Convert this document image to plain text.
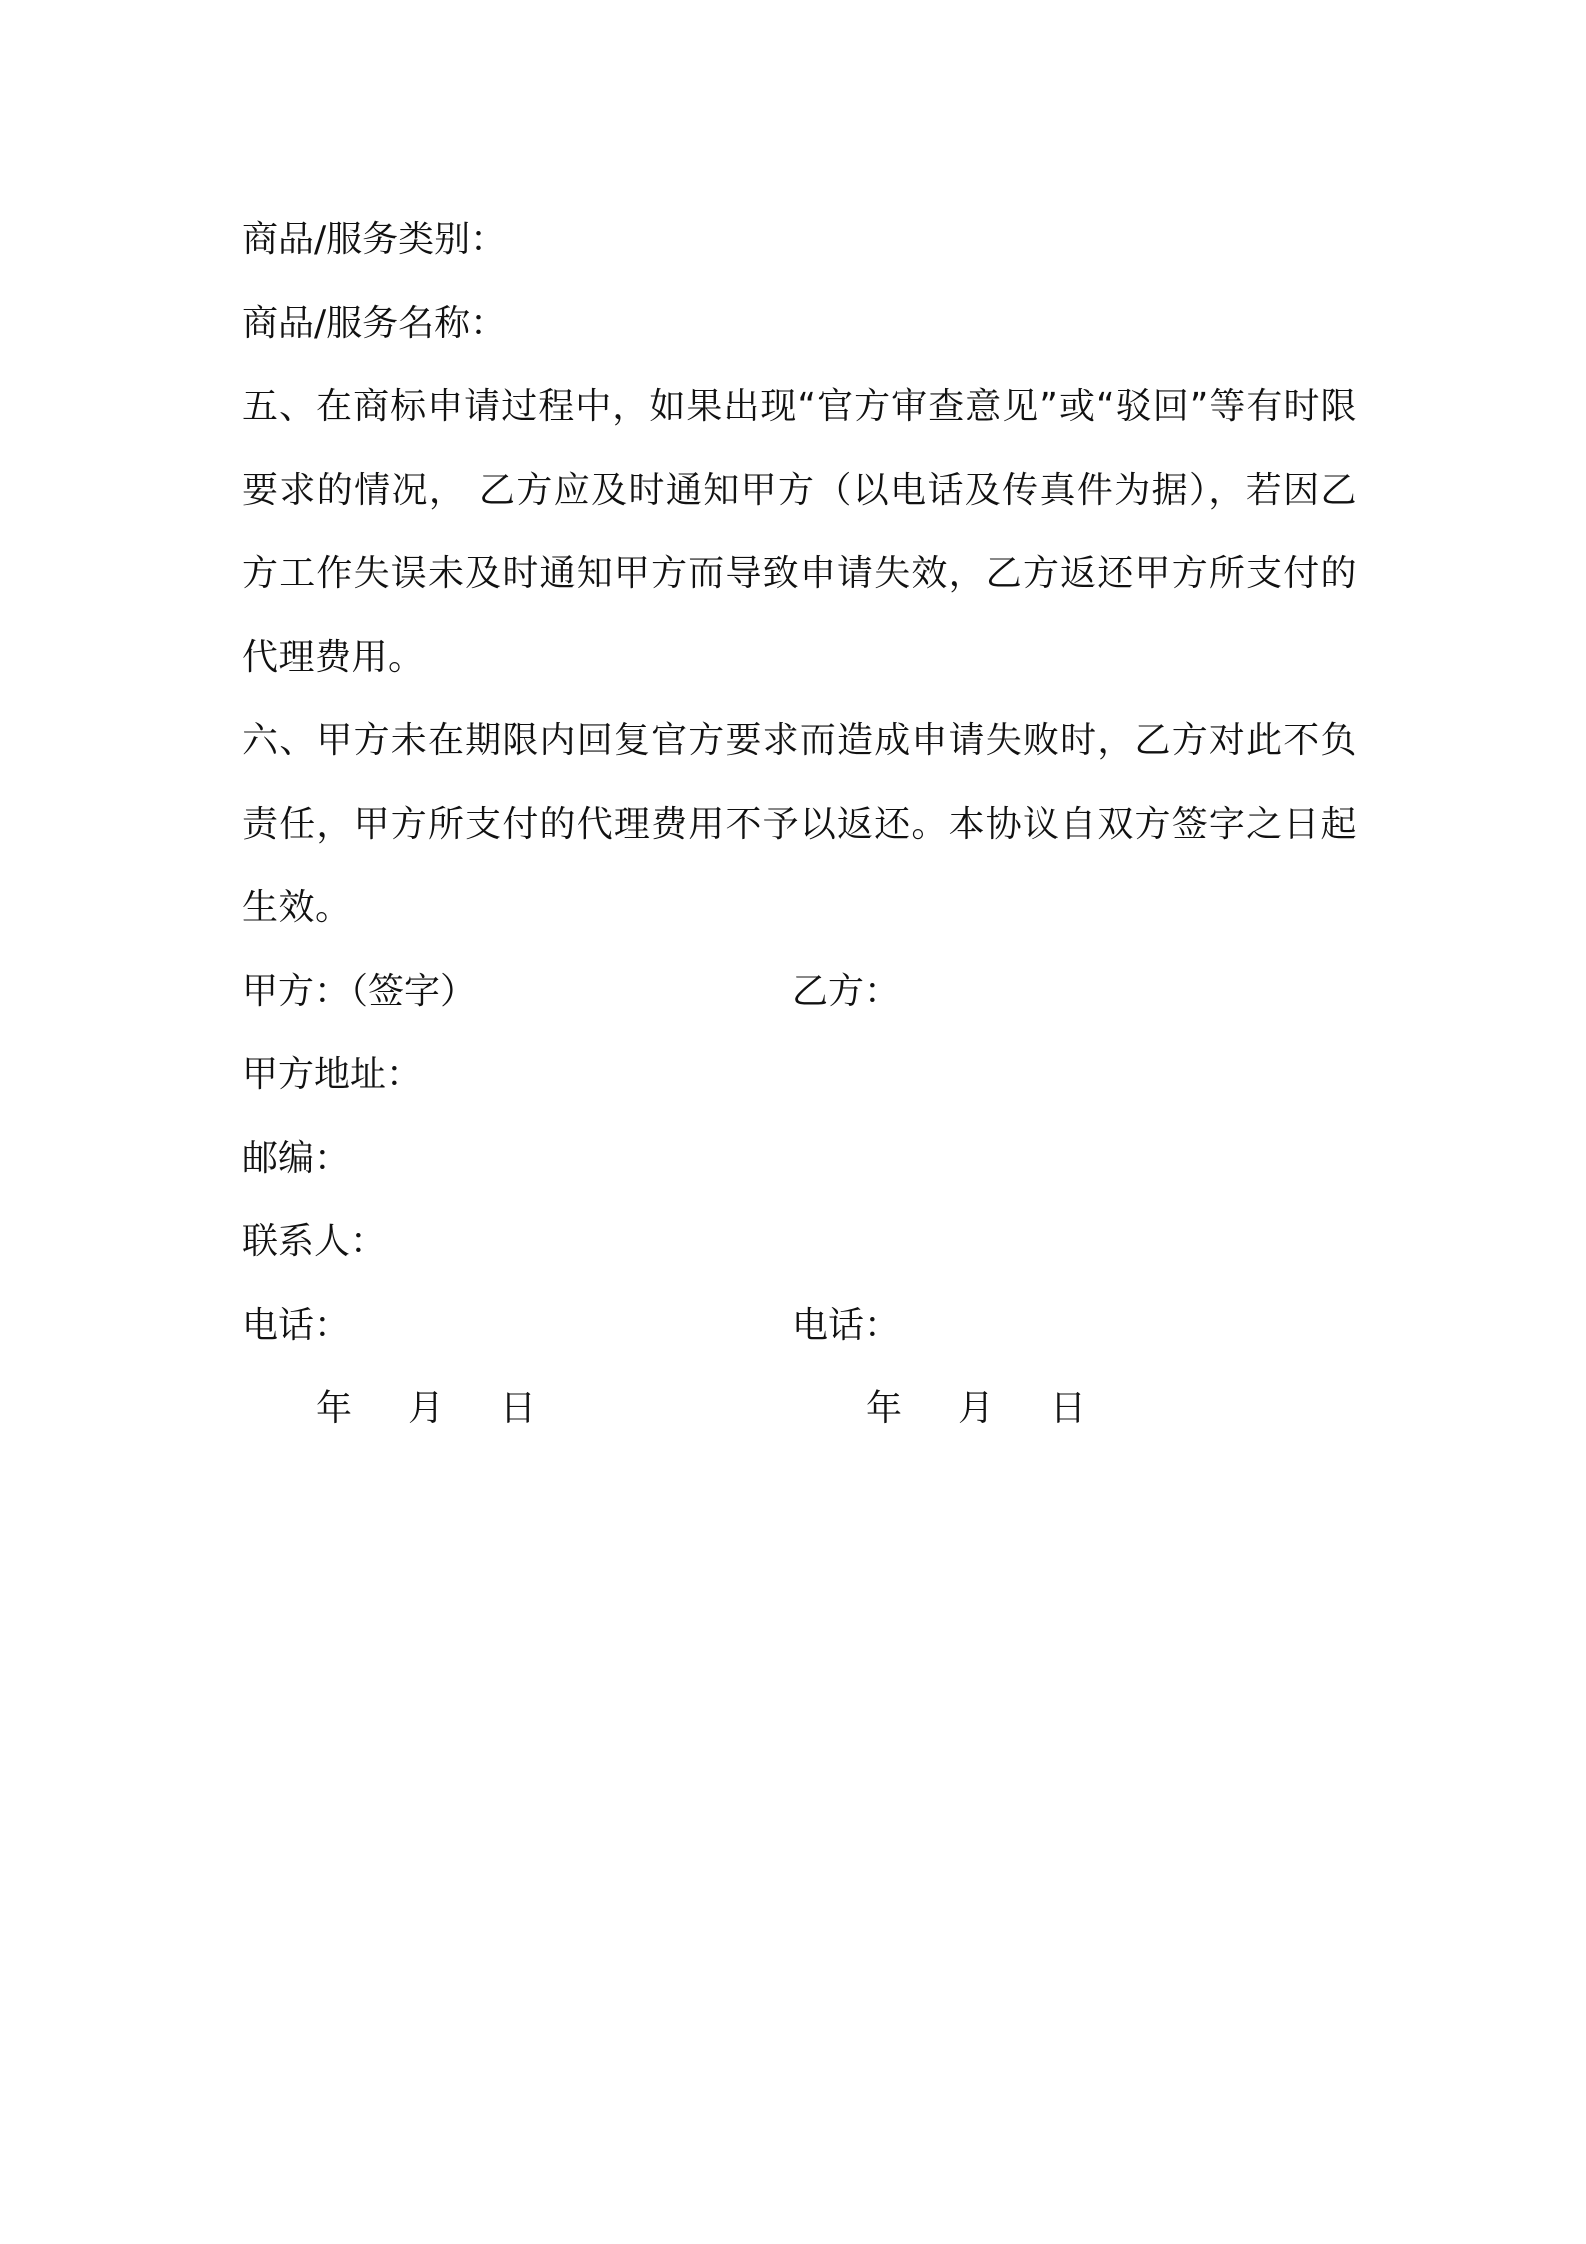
商品/服务类别：
商品/服务名称：
五、在商标申请过程中，如果出现“官方审查意见”或“驳回”等有时限要求的情况， 乙方应及时通知甲方（以电话及传真件为据），若因乙方工作失误未及时通知甲方而导致申请失效，乙方返还甲方所支付的代理费用。
六、甲方未在期限内回复官方要求而造成申请失败时，乙方对此不负责任，甲方所支付的代理费用不予以返还。本协议自双方签字之日起生效。
甲方：（签字）	乙方：
甲方地址：
邮编：
联系人：
电话：	电话：
年 月 日	年 月 日
